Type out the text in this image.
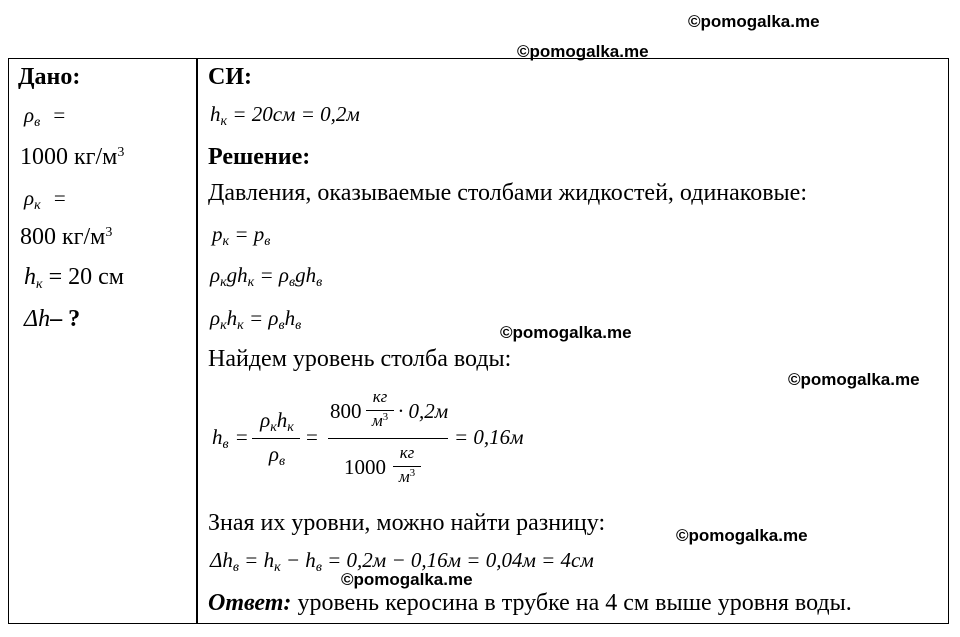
©pomogalka.me
©pomogalka.me
©pomogalka.me
©pomogalka.me
©pomogalka.me
©pomogalka.me
Дано:
$\rho_в$ =
1000 $кг/м^3$
$\rho_к$ =
800 $кг/м^3$
$h_к = 20$ см
Δh– ?
СИ:
$h_к = 20см = 0,2м$
Решение:
Давления, оказываемые столбами жидкостей, одинаковые:
$p_к = p_в$
$\rho_кgh_к = \rho_вgh_в$
$\rho_кh_к = \rho_вh_в$
Найдем уровень столба воды:
$h_в$ =
$\rho_кh_к$
$\rho_в$
=
800
кг
$м^3 \cdot 0,2м$
1000
кг
$м^3$
= 0,16м
Зная их уровни, можно найти разницу:
$\Delta h_в = h_к - h_в = 0,2м - 0,16м = 0,04м = 4см$
Ответ: уровень керосина в трубке на 4 см выше уровня воды.
